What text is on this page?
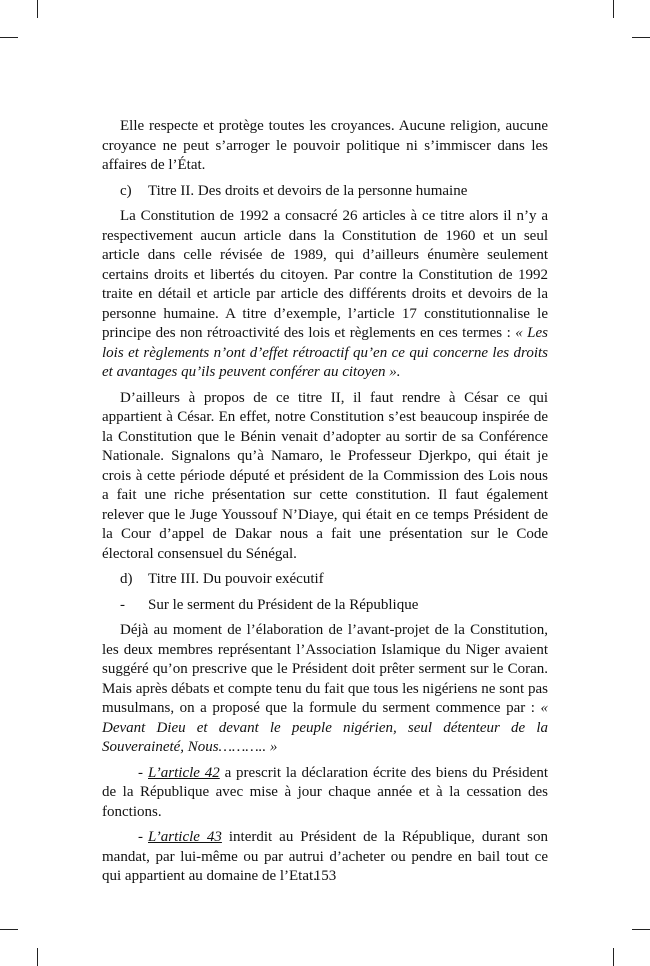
Elle respecte et protège toutes les croyances. Aucune religion, aucune croyance ne peut s’arroger le pouvoir politique ni s’immiscer dans les affaires de l’État.

c) Titre II. Des droits et devoirs de la personne humaine

La Constitution de 1992 a consacré 26 articles à ce titre alors il n’y a respectivement aucun article dans la Constitution de 1960 et un seul article dans celle révisée de 1989, qui d’ailleurs énumère seulement certains droits et libertés du citoyen. Par contre la Constitution de 1992 traite en détail et article par article des différents droits et devoirs de la personne humaine. A titre d’exemple, l’article 17 constitutionnalise le principe des non rétroactivité des lois et règlements en ces termes : « Les lois et règlements n’ont d’effet rétroactif qu’en ce qui concerne les droits et avantages qu’ils peuvent conférer au citoyen ».

D’ailleurs à propos de ce titre II, il faut rendre à César ce qui appartient à César. En effet, notre Constitution s’est beaucoup inspirée de la Constitution que le Bénin venait d’adopter au sortir de sa Conférence Nationale. Signalons qu’à Namaro, le Professeur Djerkpo, qui était je crois à cette période député et président de la Commission des Lois nous a fait une riche présentation sur cette constitution. Il faut également relever que le Juge Youssouf N’Diaye, qui était en ce temps Président de la Cour d’appel de Dakar nous a fait une présentation sur le Code électoral consensuel du Sénégal.

d) Titre III. Du pouvoir exécutif

- Sur le serment du Président de la République

Déjà au moment de l’élaboration de l’avant-projet de la Constitution, les deux membres représentant l’Association Islamique du Niger avaient suggéré qu’on prescrive que le Président doit prêter serment sur le Coran. Mais après débats et compte tenu du fait que tous les nigériens ne sont pas musulmans, on a proposé que la formule du serment commence par : « Devant Dieu et devant le peuple nigérien, seul détenteur de la Souveraineté, Nous……….. »

- L’article 42 a prescrit la déclaration écrite des biens du Président de la République avec mise à jour chaque année et à la cessation des fonctions.

- L’article 43 interdit au Président de la République, durant son mandat, par lui-même ou par autrui d’acheter ou pendre en bail tout ce qui appartient au domaine de l’Etat.

153
